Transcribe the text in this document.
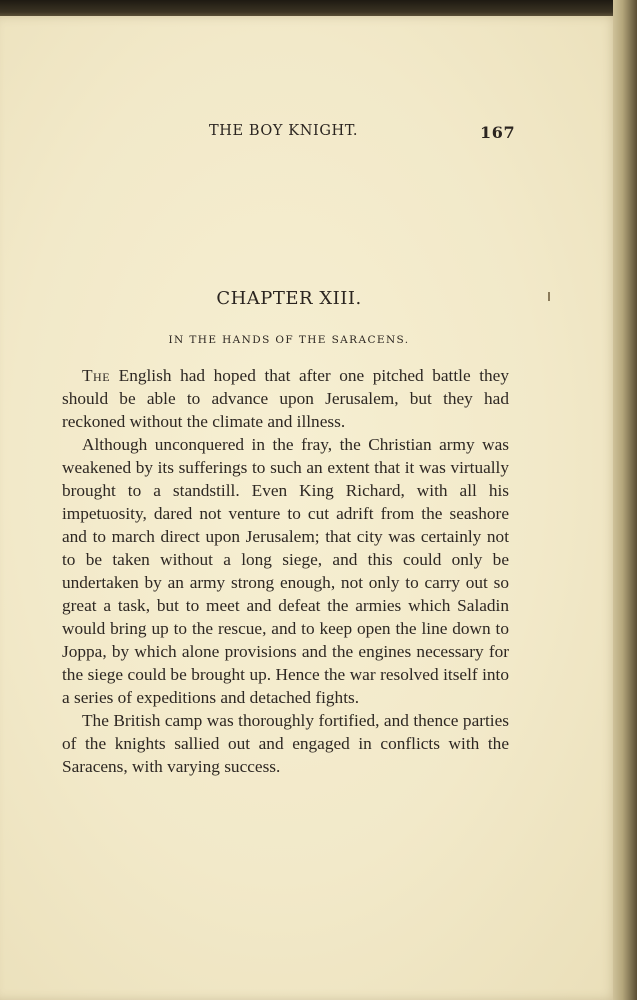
THE BOY KNIGHT.	167
CHAPTER XIII.
IN THE HANDS OF THE SARACENS.

The English had hoped that after one pitched battle they should be able to advance upon Jerusalem, but they had reckoned without the climate and illness.

Although unconquered in the fray, the Christian army was weakened by its sufferings to such an extent that it was virtually brought to a standstill. Even King Richard, with all his impetuosity, dared not venture to cut adrift from the seashore and to march direct upon Jerusalem; that city was certainly not to be taken without a long siege, and this could only be undertaken by an army strong enough, not only to carry out so great a task, but to meet and defeat the armies which Saladin would bring up to the rescue, and to keep open the line down to Joppa, by which alone provisions and the engines necessary for the siege could be brought up. Hence the war resolved itself into a series of expeditions and detached fights.

The British camp was thoroughly fortified, and thence parties of the knights sallied out and engaged in conflicts with the Saracens, with varying success.
